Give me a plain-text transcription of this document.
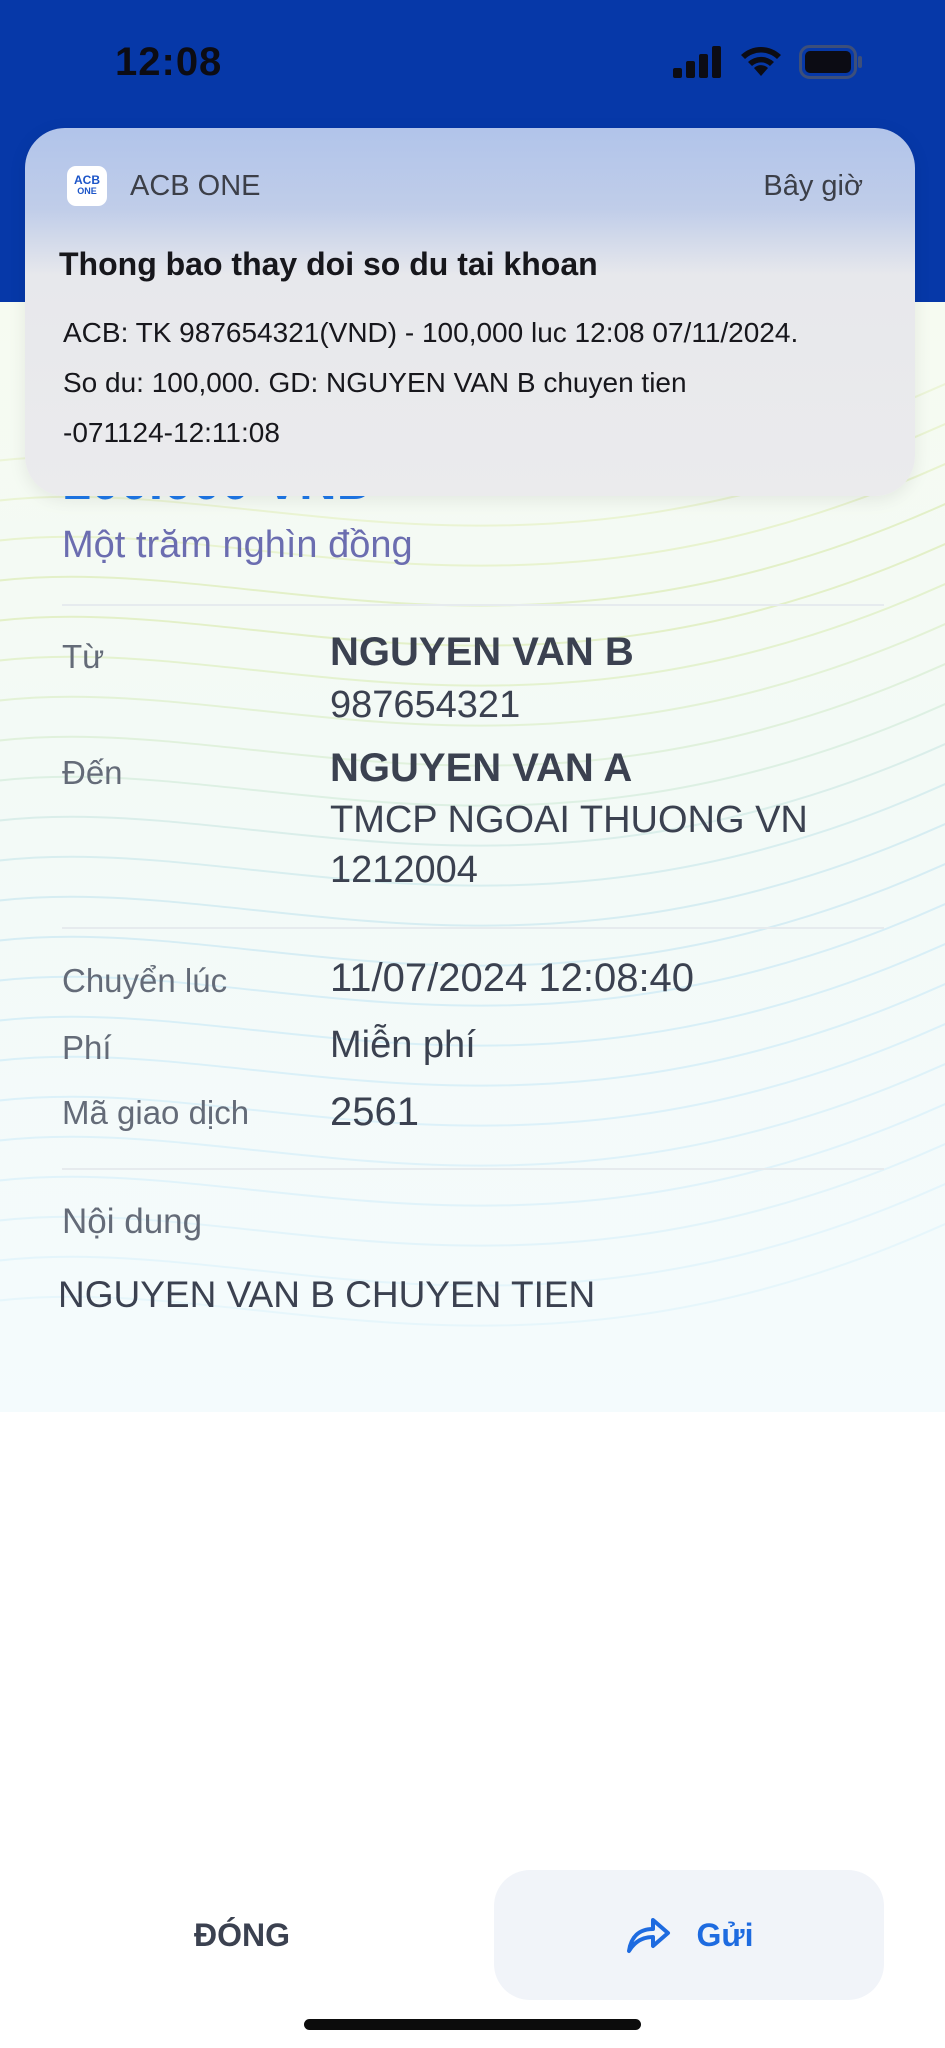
12:08
Một trăm nghìn đồng
Từ	NGUYEN VAN B
987654321
Đến	NGUYEN VAN A
TMCP NGOAI THUONG VN
1212004
Chuyển lúc	11/07/2024 12:08:40
Phí	Miễn phí
Mã giao dịch 2561
Nội dung
NGUYEN VAN B CHUYEN TIEN
ACB
ONE ACB ONE	Bây giờ
Thong bao thay doi so du tai khoan
ACB: TK 987654321(VND) - 100,000 luc 12:08 07/11/2024.
So du: 100,000. GD: NGUYEN VAN B chuyen tien
-071124-12:11:08
ĐÓNG	Gửi
